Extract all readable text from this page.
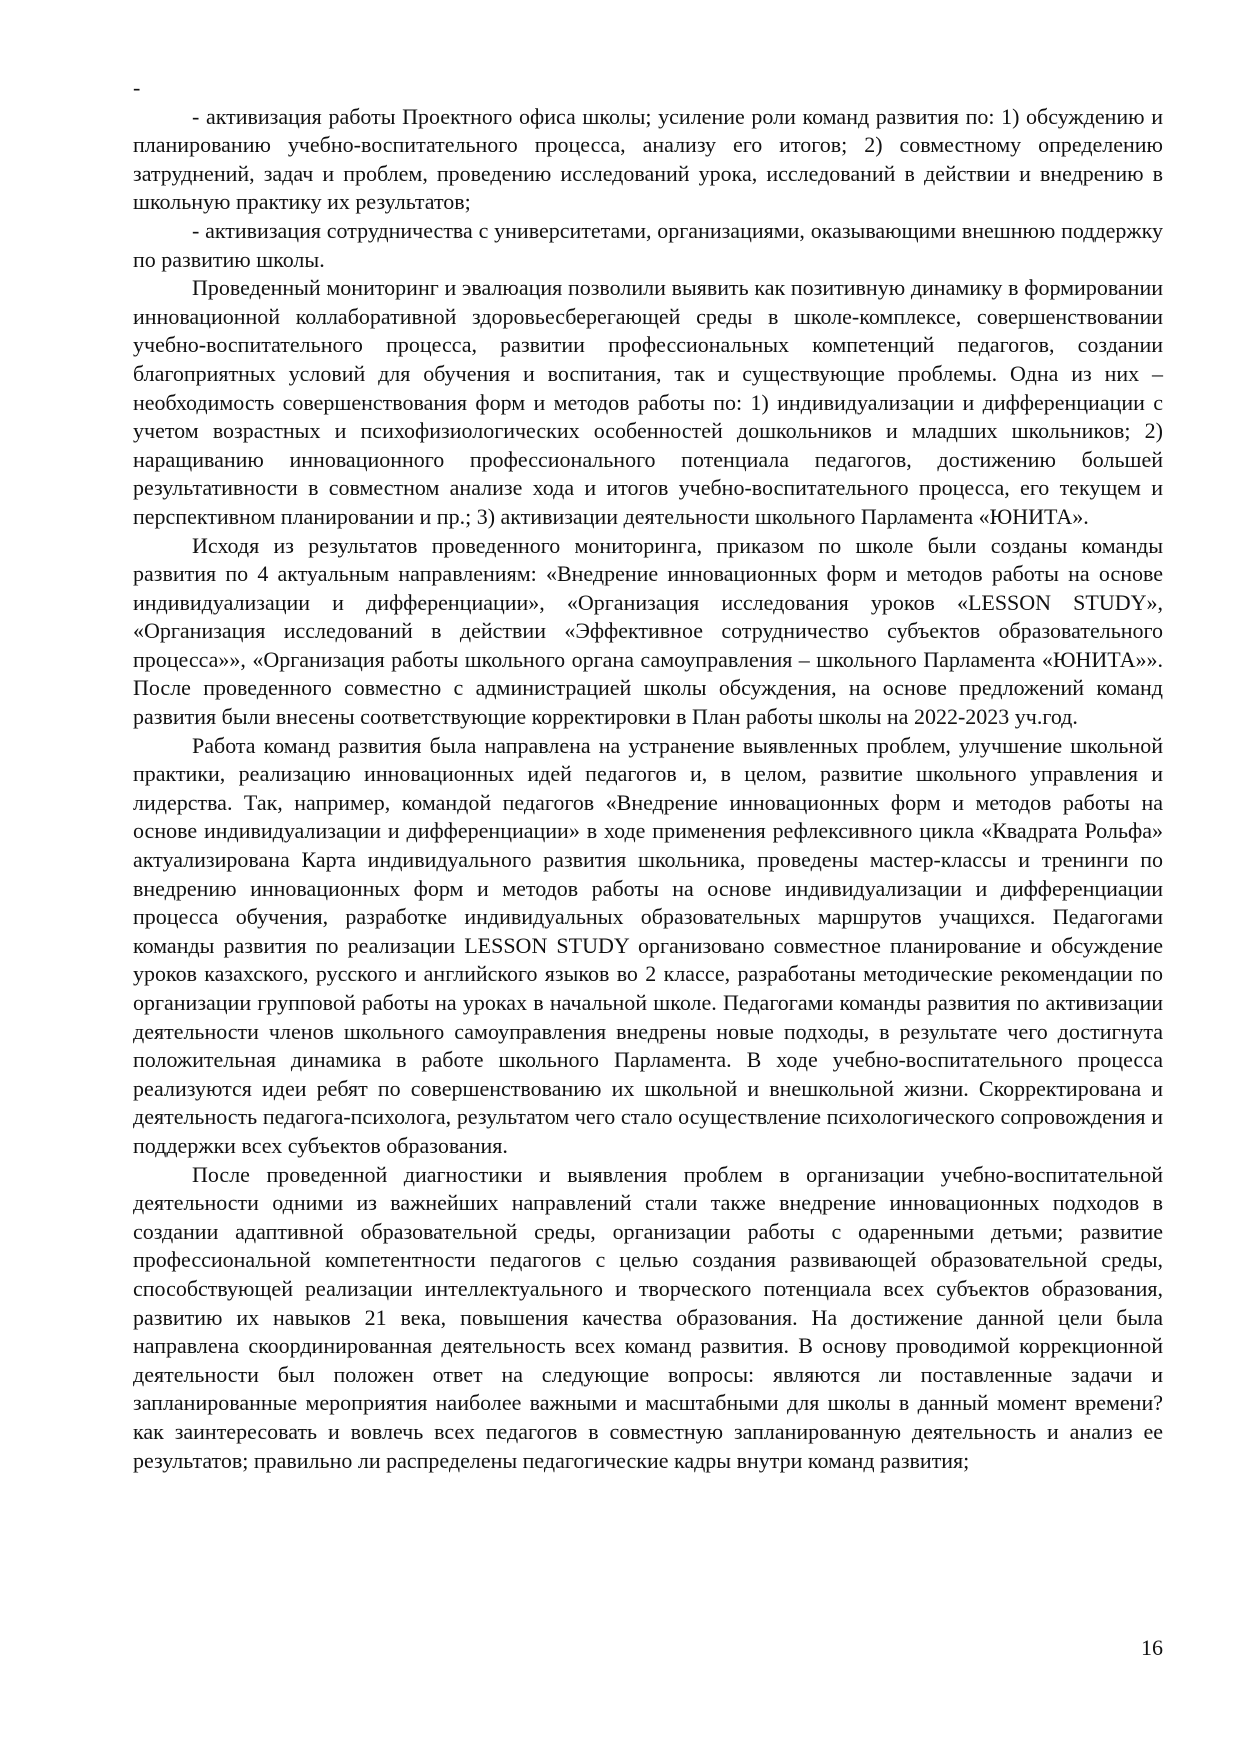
-

- активизация работы Проектного офиса школы; усиление роли команд развития по: 1) обсуждению и планированию учебно-воспитательного процесса, анализу его итогов; 2) совместному определению затруднений, задач и проблем, проведению исследований урока, исследований в действии и внедрению в школьную практику их результатов;

- активизация сотрудничества с университетами, организациями, оказывающими внешнюю поддержку по развитию школы.

Проведенный мониторинг и эвалюация позволили выявить как позитивную динамику в формировании инновационной коллаборативной здоровьесберегающей среды в школе-комплексе, совершенствовании учебно-воспитательного процесса, развитии профессиональных компетенций педагогов, создании благоприятных условий для обучения и воспитания, так и существующие проблемы. Одна из них – необходимость совершенствования форм и методов работы по: 1) индивидуализации и дифференциации с учетом возрастных и психофизиологических особенностей дошкольников и младших школьников; 2) наращиванию инновационного профессионального потенциала педагогов, достижению большей результативности в совместном анализе хода и итогов учебно-воспитательного процесса, его текущем и перспективном планировании и пр.; 3) активизации деятельности школьного Парламента «ЮНИТА».

Исходя из результатов проведенного мониторинга, приказом по школе были созданы команды развития по 4 актуальным направлениям: «Внедрение инновационных форм и методов работы на основе индивидуализации и дифференциации», «Организация исследования уроков «LESSON STUDY», «Организация исследований в действии «Эффективное сотрудничество субъектов образовательного процесса»», «Организация работы школьного органа самоуправления – школьного Парламента «ЮНИТА»». После проведенного совместно с администрацией школы обсуждения, на основе предложений команд развития были внесены соответствующие корректировки в План работы школы на 2022-2023 уч.год.

Работа команд развития была направлена на устранение выявленных проблем, улучшение школьной практики, реализацию инновационных идей педагогов и, в целом, развитие школьного управления и лидерства. Так, например, командой педагогов «Внедрение инновационных форм и методов работы на основе индивидуализации и дифференциации» в ходе применения рефлексивного цикла «Квадрата Рольфа» актуализирована Карта индивидуального развития школьника, проведены мастер-классы и тренинги по внедрению инновационных форм и методов работы на основе индивидуализации и дифференциации процесса обучения, разработке индивидуальных образовательных маршрутов учащихся. Педагогами команды развития по реализации LESSON STUDY организовано совместное планирование и обсуждение уроков казахского, русского и английского языков во 2 классе, разработаны методические рекомендации по организации групповой работы на уроках в начальной школе. Педагогами команды развития по активизации деятельности членов школьного самоуправления внедрены новые подходы, в результате чего достигнута положительная динамика в работе школьного Парламента. В ходе учебно-воспитательного процесса реализуются идеи ребят по совершенствованию их школьной и внешкольной жизни. Скорректирована и деятельность педагога-психолога, результатом чего стало осуществление психологического сопровождения и поддержки всех субъектов образования.

После проведенной диагностики и выявления проблем в организации учебно-воспитательной деятельности одними из важнейших направлений стали также внедрение инновационных подходов в создании адаптивной образовательной среды, организации работы с одаренными детьми; развитие профессиональной компетентности педагогов с целью создания развивающей образовательной среды, способствующей реализации интеллектуального и творческого потенциала всех субъектов образования, развитию их навыков 21 века, повышения качества образования. На достижение данной цели была направлена скоординированная деятельность всех команд развития. В основу проводимой коррекционной деятельности был положен ответ на следующие вопросы: являются ли поставленные задачи и запланированные мероприятия наиболее важными и масштабными для школы в данный момент времени? как заинтересовать и вовлечь всех педагогов в совместную запланированную деятельность и анализ ее результатов; правильно ли распределены педагогические кадры внутри команд развития;

16
